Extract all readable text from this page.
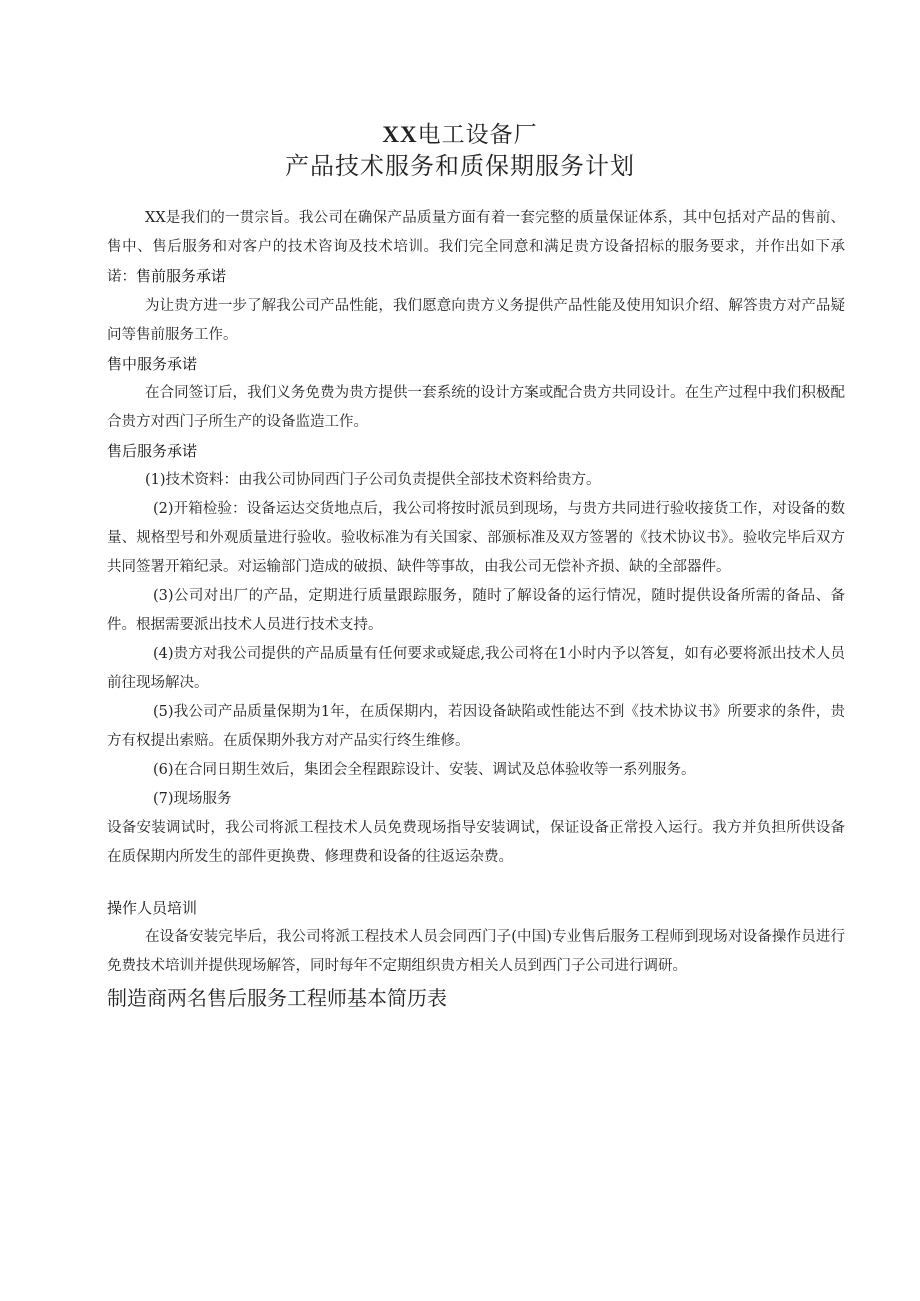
XX电工设备厂
产品技术服务和质保期服务计划

XX是我们的一贯宗旨。我公司在确保产品质量方面有着一套完整的质量保证体系，其中包括对产品的售前、售中、售后服务和对客户的技术咨询及技术培训。我们完全同意和满足贵方设备招标的服务要求，并作出如下承诺：售前服务承诺

为让贵方进一步了解我公司产品性能，我们愿意向贵方义务提供产品性能及使用知识介绍、解答贵方对产品疑问等售前服务工作。

售中服务承诺

在合同签订后，我们义务免费为贵方提供一套系统的设计方案或配合贵方共同设计。在生产过程中我们积极配合贵方对西门子所生产的设备监造工作。

售后服务承诺

(1)技术资料：由我公司协同西门子公司负责提供全部技术资料给贵方。

(2)开箱检验：设备运达交货地点后，我公司将按时派员到现场，与贵方共同进行验收接货工作，对设备的数量、规格型号和外观质量进行验收。验收标准为有关国家、部颁标准及双方签署的《技术协议书》。验收完毕后双方共同签署开箱纪录。对运输部门造成的破损、缺件等事故，由我公司无偿补齐损、缺的全部器件。

(3)公司对出厂的产品，定期进行质量跟踪服务，随时了解设备的运行情况，随时提供设备所需的备品、备件。根据需要派出技术人员进行技术支持。

(4)贵方对我公司提供的产品质量有任何要求或疑虑,我公司将在1小时内予以答复，如有必要将派出技术人员前往现场解决。

(5)我公司产品质量保期为1年，在质保期内，若因设备缺陷或性能达不到《技术协议书》所要求的条件，贵方有权提出索赔。在质保期外我方对产品实行终生维修。

(6)在合同日期生效后，集团会全程跟踪设计、安装、调试及总体验收等一系列服务。

(7)现场服务

设备安装调试时，我公司将派工程技术人员免费现场指导安装调试，保证设备正常投入运行。我方并负担所供设备在质保期内所发生的部件更换费、修理费和设备的往返运杂费。

操作人员培训

在设备安装完毕后，我公司将派工程技术人员会同西门子(中国)专业售后服务工程师到现场对设备操作员进行免费技术培训并提供现场解答，同时每年不定期组织贵方相关人员到西门子公司进行调研。

制造商两名售后服务工程师基本简历表
